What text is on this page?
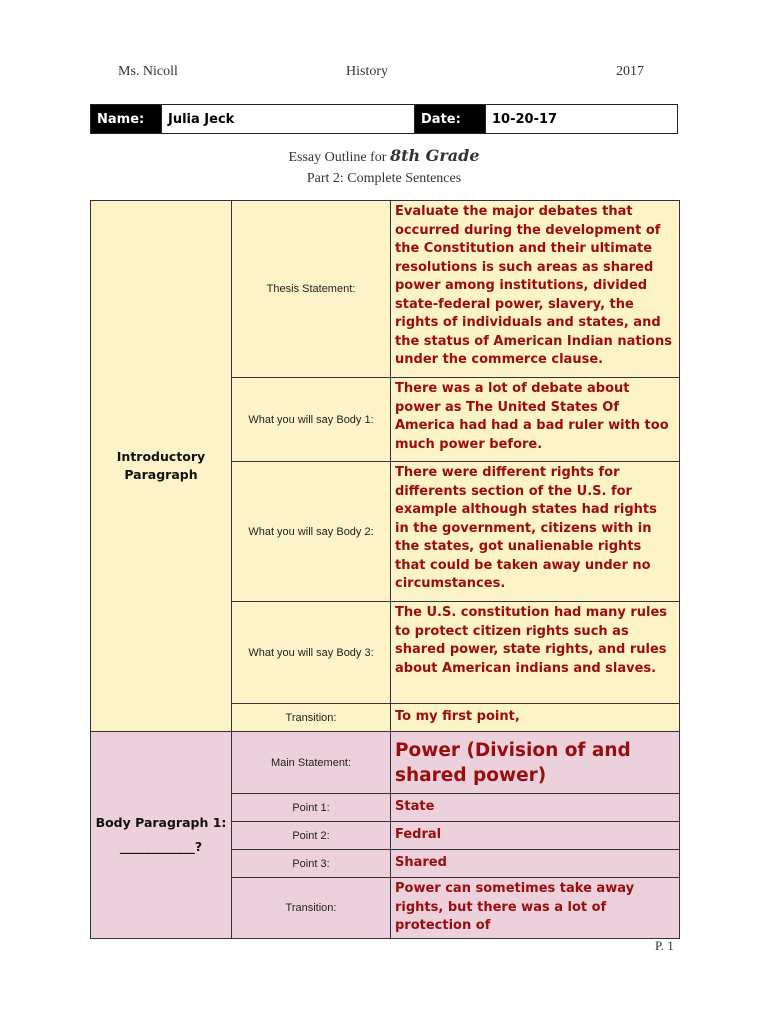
Ms. Nicoll	History	2017
Name:	Julia Jeck	Date:	10-20-17
Essay Outline for 8th Grade
Part 2: Complete Sentences
Introductory Paragraph	Thesis Statement:	Evaluate the major debates that occurred during the development of the Constitution and their ultimate resolutions is such areas as shared power among institutions, divided state-federal power, slavery, the rights of individuals and states, and the status of American Indian nations under the commerce clause.
	What you will say Body 1:	There was a lot of debate about power as The United States Of America had had a bad ruler with too much power before.
	What you will say Body 2:	There were different rights for differents section of the U.S. for example although states had rights in the government, citizens with in the states, got unalienable rights that could be taken away under no circumstances.
	What you will say Body 3:	The U.S. constitution had many rules to protect citizen rights such as shared power, state rights, and rules about American indians and slaves.
	Transition:	To my first point,

Body Paragraph 1:
____________?	Main Statement:	Power (Division of and shared power)
	Point 1:	State
	Point 2:	Fedral
	Point 3:	Shared
	Transition:	Power can sometimes take away rights, but there was a lot of protection of
P. 1
